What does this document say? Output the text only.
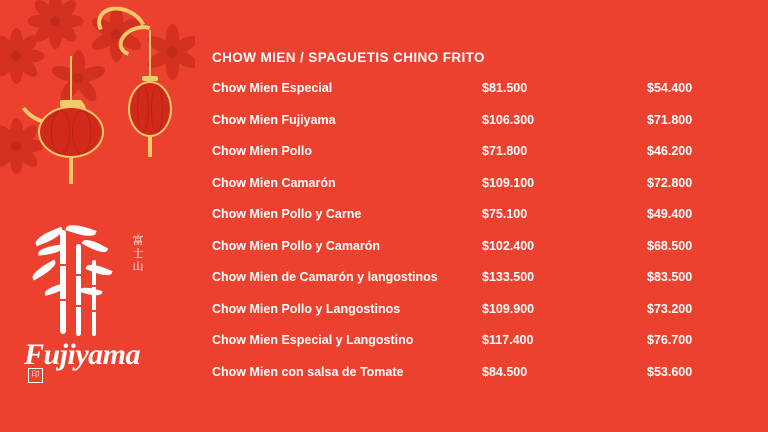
富士山
Fujiyama
印
CHOW MIEN / SPAGUETIS CHINO FRITO
Chow Mien Especial	$81.500	$54.400
Chow Mien Fujiyama	$106.300	$71.800
Chow Mien Pollo	$71.800	$46.200
Chow Mien Camarón	$109.100	$72.800
Chow Mien Pollo y Carne	$75.100	$49.400
Chow Mien Pollo y Camarón	$102.400	$68.500
Chow Mien de Camarón y langostinos	$133.500	$83.500
Chow Mien Pollo y Langostinos	$109.900	$73.200
Chow Mien Especial y Langostino	$117.400	$76.700
Chow Mien con salsa de Tomate	$84.500	$53.600
